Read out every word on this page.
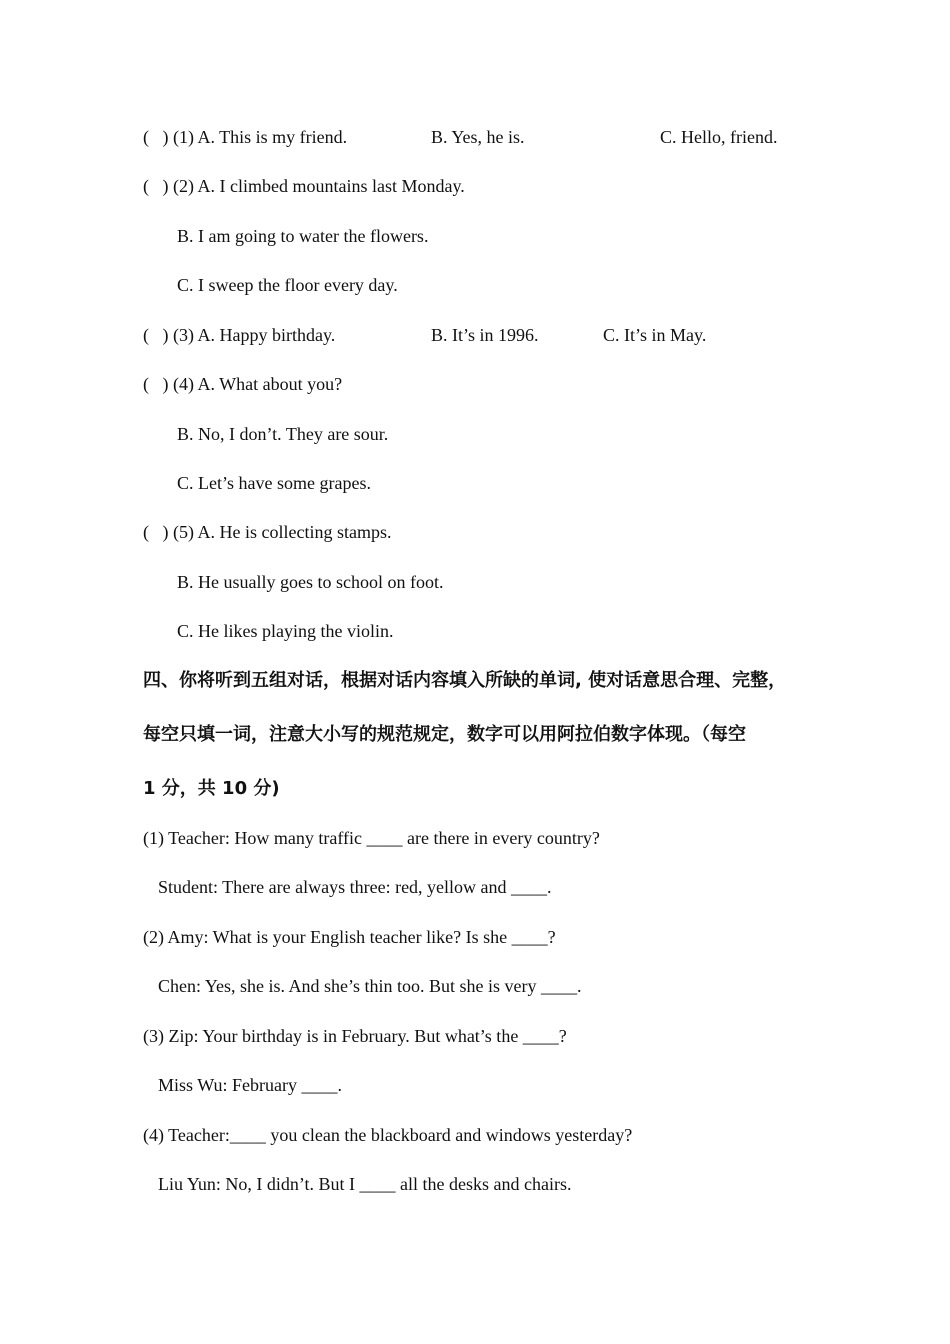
(   ) (1) A. This is my friend.	B. Yes, he is.	C. Hello, friend.
(   ) (2) A. I climbed mountains last Monday.
B. I am going to water the flowers.
C. I sweep the floor every day.
(   ) (3) A. Happy birthday.	B. It’s in 1996.	C. It’s in May.
(   ) (4) A. What about you?
B. No, I don’t. They are sour.
C. Let’s have some grapes.
(   ) (5) A. He is collecting stamps.
B. He usually goes to school on foot.
C. He likes playing the violin.
四、你将听到五组对话，根据对话内容填入所缺的单词, 使对话意思合理、完整，
每空只填一词，注意大小写的规范规定，数字可以用阿拉伯数字体现。（每空
1 分，共 10 分)
(1) Teacher: How many traffic ____ are there in every country?
Student: There are always three: red, yellow and ____.
(2) Amy: What is your English teacher like? Is she ____?
Chen: Yes, she is. And she’s thin too. But she is very ____.
(3) Zip: Your birthday is in February. But what’s the ____?
Miss Wu: February ____.
(4) Teacher:____ you clean the blackboard and windows yesterday?
Liu Yun: No, I didn’t. But I ____ all the desks and chairs.
